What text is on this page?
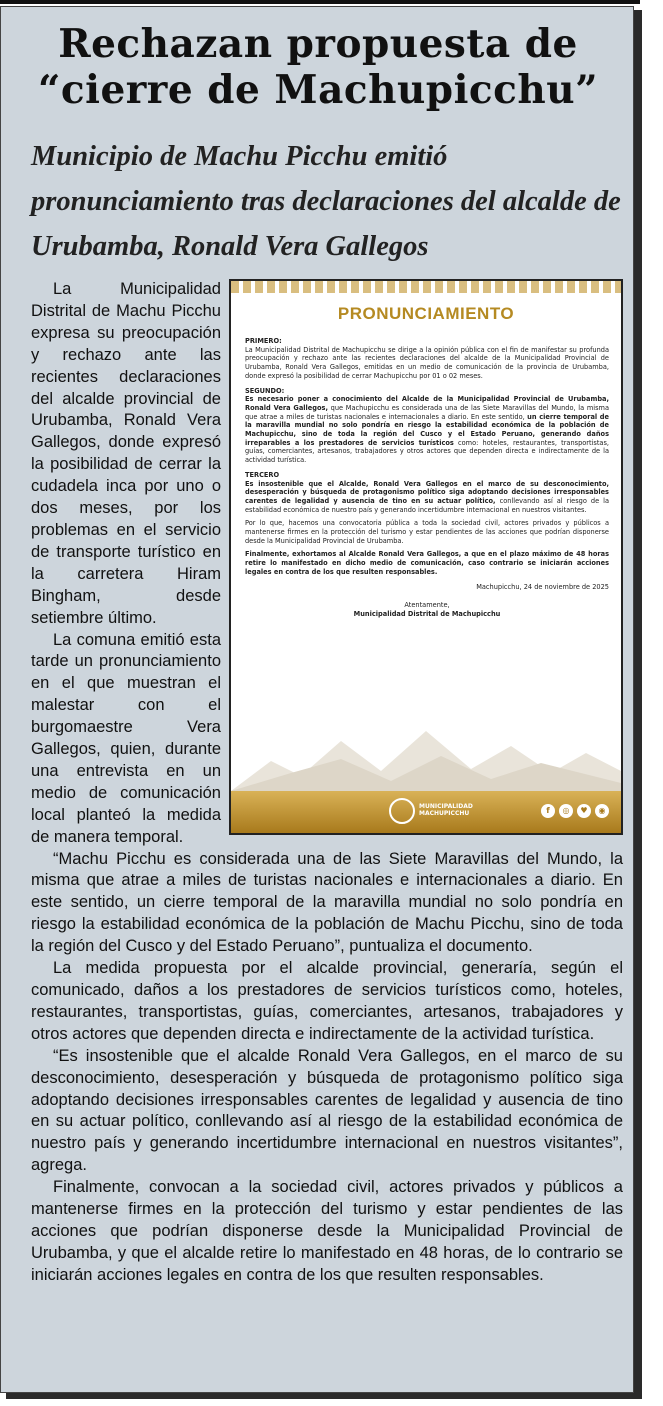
Rechazan propuesta de “cierre de Machupicchu”
Municipio de Machu Picchu emitió pronunciamiento tras declaraciones del alcalde de Urubamba, Ronald Vera Gallegos
PRONUNCIAMIENTO
PRIMERO:

La Municipalidad Distrital de Machupicchu se dirige a la opinión pública con el fin de manifestar su profunda preocupación y rechazo ante las recientes declaraciones del alcalde de la Municipalidad Provincial de Urubamba, Ronald Vera Gallegos, emitidas en un medio de comunicación de la provincia de Urubamba, donde expresó la posibilidad de cerrar Machupicchu por 01 o 02 meses.

SEGUNDO:

Es necesario poner a conocimiento del Alcalde de la Municipalidad Provincial de Urubamba, Ronald Vera Gallegos, que Machupicchu es considerada una de las Siete Maravillas del Mundo, la misma que atrae a miles de turistas nacionales e internacionales a diario. En este sentido, un cierre temporal de la maravilla mundial no solo pondría en riesgo la estabilidad económica de la población de Machupicchu, sino de toda la región del Cusco y el Estado Peruano, generando daños irreparables a los prestadores de servicios turísticos como: hoteles, restaurantes, transportistas, guías, comerciantes, artesanos, trabajadores y otros actores que dependen directa e indirectamente de la actividad turística.

TERCERO

Es insostenible que el Alcalde, Ronald Vera Gallegos en el marco de su desconocimiento, desesperación y búsqueda de protagonismo político siga adoptando decisiones irresponsables carentes de legalidad y ausencia de tino en su actuar político, conllevando así al riesgo de la estabilidad económica de nuestro país y generando incertidumbre internacional en nuestros visitantes.

Por lo que, hacemos una convocatoria pública a toda la sociedad civil, actores privados y públicos a mantenerse firmes en la protección del turismo y estar pendientes de las acciones que podrían disponerse desde la Municipalidad Provincial de Urubamba.

Finalmente, exhortamos al Alcalde Ronald Vera Gallegos, a que en el plazo máximo de 48 horas retire lo manifestado en dicho medio de comunicación, caso contrario se iniciarán acciones legales en contra de los que resulten responsables.

Machupicchu, 24 de noviembre de 2025
Atentamente,
Municipalidad Distrital de Machupicchu
MUNICIPALIDAD
MACHUPICCHU	f	◎	♥	◉

La Municipalidad Distrital de Machu Picchu expresa su preocupación y rechazo ante las recientes declaraciones del alcalde provincial de Urubamba, Ronald Vera Gallegos, donde expresó la posibilidad de cerrar la cudadela inca por uno o dos meses, por los problemas en el servicio de transporte turístico en la carretera Hiram Bingham, desde setiembre último.

La comuna emitió esta tarde un pronunciamiento en el que muestran el malestar con el burgomaestre Vera Gallegos, quien, durante una entrevista en un medio de comunicación local planteó la medida de manera temporal.

“Machu Picchu es considerada una de las Siete Maravillas del Mundo, la misma que atrae a miles de turistas nacionales e internacionales a diario. En este sentido, un cierre temporal de la maravilla mundial no solo pondría en riesgo la estabilidad económica de la población de Machu Picchu, sino de toda la región del Cusco y del Estado Peruano”, puntualiza el documento.

La medida propuesta por el alcalde provincial, generaría, según el comunicado, daños a los prestadores de servicios turísticos como, hoteles, restaurantes, transportistas, guías, comerciantes, artesanos, trabajadores y otros actores que dependen directa e indirectamente de la actividad turística.

“Es insostenible que el alcalde Ronald Vera Gallegos, en el marco de su desconocimiento, desesperación y búsqueda de protagonismo político siga adoptando decisiones irresponsables carentes de legalidad y ausencia de tino en su actuar político, conllevando así al riesgo de la estabilidad económica de nuestro país y generando incertidumbre internacional en nuestros visitantes”, agrega.

Finalmente, convocan a la sociedad civil, actores privados y públicos a mantenerse firmes en la protección del turismo y estar pendientes de las acciones que podrían disponerse desde la Municipalidad Provincial de Urubamba, y que el alcalde retire lo manifestado en 48 horas, de lo contrario se iniciarán acciones legales en contra de los que resulten responsables.
